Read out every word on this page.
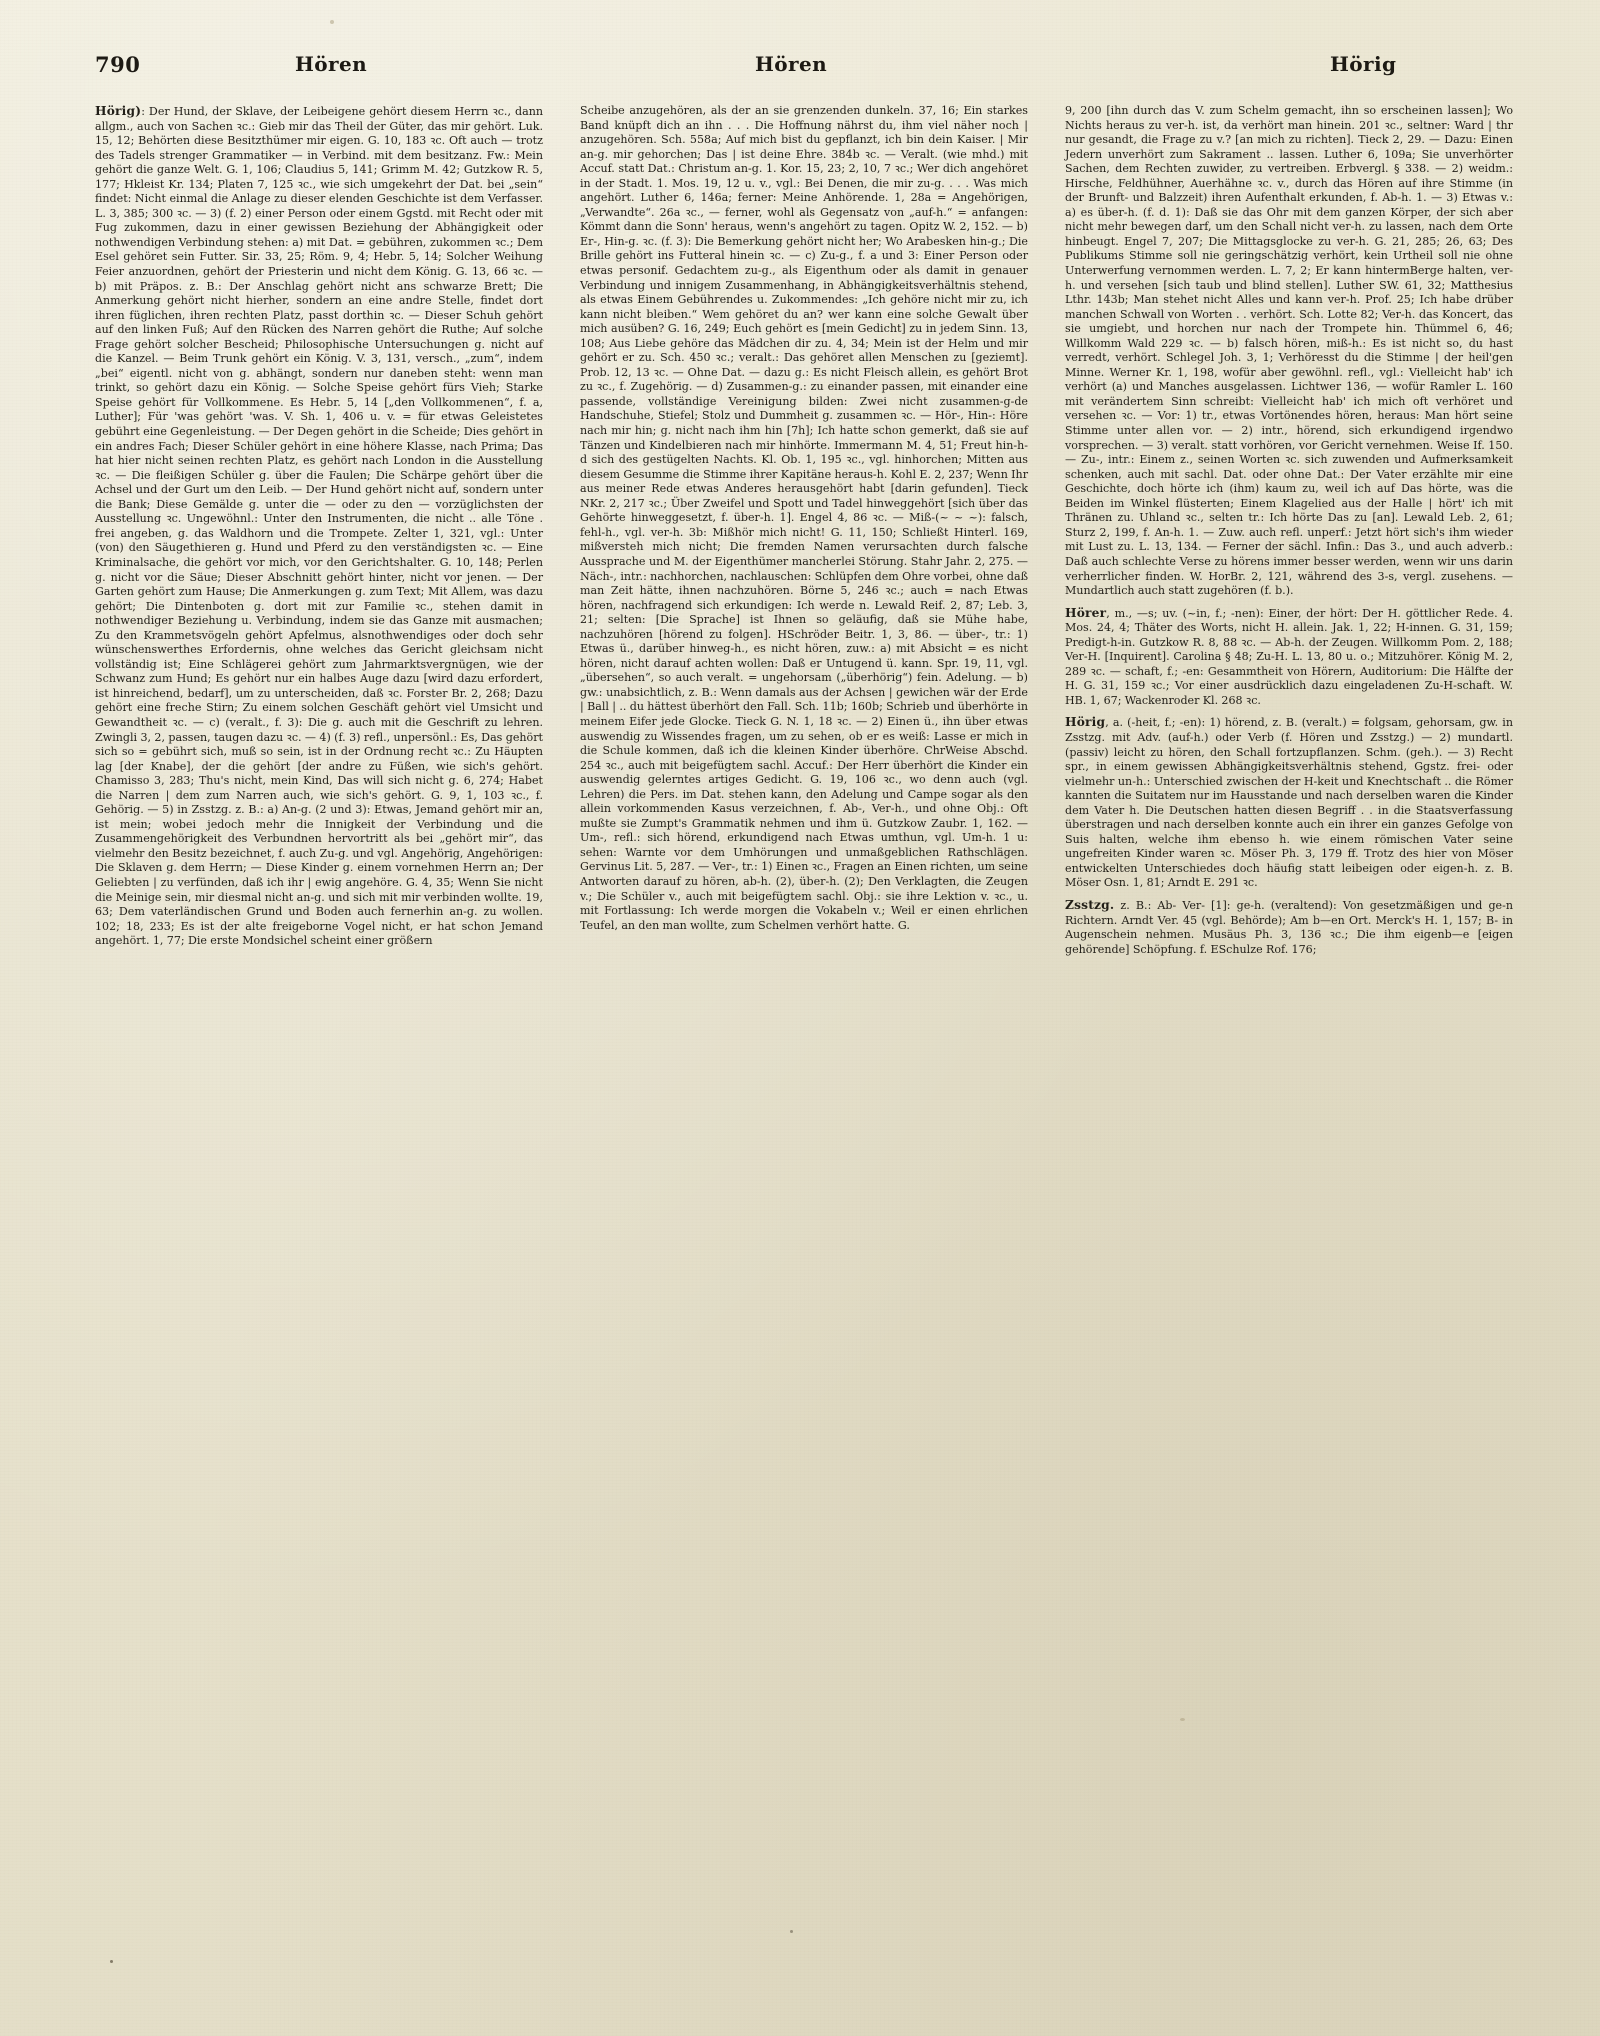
790	Hören	Hören	Hörig

Hörig): Der Hund, der Sklave, der Leibeigene gehört diesem Herrn ꝛc., dann allgm., auch von Sachen ꝛc.: Gieb mir das Theil der Güter, das mir gehört. Luk. 15, 12; Behörten diese Besitzthümer mir eigen. G. 10, 183 ꝛc. Oft auch — trotz des Tadels strenger Grammatiker — in Verbind. mit dem besitzanz. Fw.: Mein gehört die ganze Welt. G. 1, 106; Claudius 5, 141; Grimm M. 42; Gutzkow R. 5, 177; Hkleist Kr. 134; Platen 7, 125 ꝛc., wie sich umgekehrt der Dat. bei „sein“ findet: Nicht einmal die Anlage zu dieser elenden Geschichte ist dem Verfasser. L. 3, 385; 300 ꝛc. — 3) (f. 2) einer Person oder einem Ggstd. mit Recht oder mit Fug zukommen, dazu in einer gewissen Beziehung der Abhängigkeit oder nothwendigen Verbindung stehen: a) mit Dat. = gebühren, zukommen ꝛc.; Dem Esel gehöret sein Futter. Sir. 33, 25; Röm. 9, 4; Hebr. 5, 14; Solcher Weihung Feier anzuordnen, gehört der Priesterin und nicht dem König. G. 13, 66 ꝛc. — b) mit Präpos. z. B.: Der Anschlag gehört nicht ans schwarze Brett; Die Anmerkung gehört nicht hierher, sondern an eine andre Stelle, findet dort ihren füglichen, ihren rechten Platz, passt dorthin ꝛc. — Dieser Schuh gehört auf den linken Fuß; Auf den Rücken des Narren gehört die Ruthe; Auf solche Frage gehört solcher Bescheid; Philosophische Untersuchungen g. nicht auf die Kanzel. — Beim Trunk gehört ein König. V. 3, 131, versch., „zum“, indem „bei“ eigentl. nicht von g. abhängt, sondern nur daneben steht: wenn man trinkt, so gehört dazu ein König. — Solche Speise gehört fürs Vieh; Starke Speise gehört für Vollkommene. Es Hebr. 5, 14 [„den Vollkommenen“, f. a, Luther]; Für 'was gehört 'was. V. Sh. 1, 406 u. v. = für etwas Geleistetes gebührt eine Gegenleistung. — Der Degen gehört in die Scheide; Dies gehört in ein andres Fach; Dieser Schüler gehört in eine höhere Klasse, nach Prima; Das hat hier nicht seinen rechten Platz, es gehört nach London in die Ausstellung ꝛc. — Die fleißigen Schüler g. über die Faulen; Die Schärpe gehört über die Achsel und der Gurt um den Leib. — Der Hund gehört nicht auf, sondern unter die Bank; Diese Gemälde g. unter die — oder zu den — vorzüglichsten der Ausstellung ꝛc. Ungewöhnl.: Unter den Instrumenten, die nicht .. alle Töne . frei angeben, g. das Waldhorn und die Trompete. Zelter 1, 321, vgl.: Unter (von) den Säugethieren g. Hund und Pferd zu den verständigsten ꝛc. — Eine Kriminalsache, die gehört vor mich, vor den Gerichtshalter. G. 10, 148; Perlen g. nicht vor die Säue; Dieser Abschnitt gehört hinter, nicht vor jenen. — Der Garten gehört zum Hause; Die Anmerkungen g. zum Text; Mit Allem, was dazu gehört; Die Dintenboten g. dort mit zur Familie ꝛc., stehen damit in nothwendiger Beziehung u. Verbindung, indem sie das Ganze mit ausmachen; Zu den Krammetsvögeln gehört Apfelmus, alsnothwendiges oder doch sehr wünschenswerthes Erfordernis, ohne welches das Gericht gleichsam nicht vollständig ist; Eine Schlägerei gehört zum Jahrmarktsvergnügen, wie der Schwanz zum Hund; Es gehört nur ein halbes Auge dazu [wird dazu erfordert, ist hinreichend, bedarf], um zu unterscheiden, daß ꝛc. Forster Br. 2, 268; Dazu gehört eine freche Stirn; Zu einem solchen Geschäft gehört viel Umsicht und Gewandtheit ꝛc. — c) (veralt., f. 3): Die g. auch mit die Geschrift zu lehren. Zwingli 3, 2, passen, taugen dazu ꝛc. — 4) (f. 3) refl., unpersönl.: Es, Das gehört sich so = gebührt sich, muß so sein, ist in der Ordnung recht ꝛc.: Zu Häupten lag [der Knabe], der die gehört [der andre zu Füßen, wie sich's gehört. Chamisso 3, 283; Thu's nicht, mein Kind, Das will sich nicht g. 6, 274; Habet die Narren | dem zum Narren auch, wie sich's gehört. G. 9, 1, 103 ꝛc., f. Gehörig. — 5) in Zsstzg. z. B.: a) An-g. (2 und 3): Etwas, Jemand gehört mir an, ist mein; wobei jedoch mehr die Innigkeit der Verbindung und die Zusammengehörigkeit des Verbundnen hervortritt als bei „gehört mir“, das vielmehr den Besitz bezeichnet, f. auch Zu-g. und vgl. Angehörig, Angehörigen: Die Sklaven g. dem Herrn; — Diese Kinder g. einem vornehmen Herrn an; Der Geliebten | zu verfünden, daß ich ihr | ewig angehöre. G. 4, 35; Wenn Sie nicht die Meinige sein, mir diesmal nicht an-g. und sich mit mir verbinden wollte. 19, 63; Dem vaterländischen Grund und Boden auch fernerhin an-g. zu wollen. 102; 18, 233; Es ist der alte freigeborne Vogel nicht, er hat schon Jemand angehört. 1, 77; Die erste Mondsichel scheint einer größern

Scheibe anzugehören, als der an sie grenzenden dunkeln. 37, 16; Ein starkes Band knüpft dich an ihn . . . Die Hoffnung nährst du, ihm viel näher noch | anzugehören. Sch. 558a; Auf mich bist du gepflanzt, ich bin dein Kaiser. | Mir an-g. mir gehorchen; Das | ist deine Ehre. 384b ꝛc. — Veralt. (wie mhd.) mit Accuf. statt Dat.: Christum an-g. 1. Kor. 15, 23; 2, 10, 7 ꝛc.; Wer dich angehöret in der Stadt. 1. Mos. 19, 12 u. v., vgl.: Bei Denen, die mir zu-g. . . . Was mich angehört. Luther 6, 146a; ferner: Meine Anhörende. 1, 28a = Angehörigen, „Verwandte“. 26a ꝛc., — ferner, wohl als Gegensatz von „auf-h.“ = anfangen: Kömmt dann die Sonn' heraus, wenn's angehört zu tagen. Opitz W. 2, 152. — b) Er-, Hin-g. ꝛc. (f. 3): Die Bemerkung gehört nicht her; Wo Arabesken hin-g.; Die Brille gehört ins Futteral hinein ꝛc. — c) Zu-g., f. a und 3: Einer Person oder etwas personif. Gedachtem zu-g., als Eigenthum oder als damit in genauer Verbindung und innigem Zusammenhang, in Abhängigkeitsverhältnis stehend, als etwas Einem Gebührendes u. Zukommendes: „Ich gehöre nicht mir zu, ich kann nicht bleiben.“ Wem gehöret du an? wer kann eine solche Gewalt über mich ausüben? G. 16, 249; Euch gehört es [mein Gedicht] zu in jedem Sinn. 13, 108; Aus Liebe gehöre das Mädchen dir zu. 4, 34; Mein ist der Helm und mir gehört er zu. Sch. 450 ꝛc.; veralt.: Das gehöret allen Menschen zu [geziemt]. Prob. 12, 13 ꝛc. — Ohne Dat. — dazu g.: Es nicht Fleisch allein, es gehört Brot zu ꝛc., f. Zugehörig. — d) Zusammen-g.: zu einander passen, mit einander eine passende, vollständige Vereinigung bilden: Zwei nicht zusammen-g-de Handschuhe, Stiefel; Stolz und Dummheit g. zusammen ꝛc. — Hör-, Hin-: Höre nach mir hin; g. nicht nach ihm hin [7h]; Ich hatte schon gemerkt, daß sie auf Tänzen und Kindelbieren nach mir hinhörte. Immermann M. 4, 51; Freut hin-h-d sich des gestügelten Nachts. Kl. Ob. 1, 195 ꝛc., vgl. hinhorchen; Mitten aus diesem Gesumme die Stimme ihrer Kapitäne heraus-h. Kohl E. 2, 237; Wenn Ihr aus meiner Rede etwas Anderes herausgehört habt [darin gefunden]. Tieck NKr. 2, 217 ꝛc.; Über Zweifel und Spott und Tadel hinweggehört [sich über das Gehörte hinweggesetzt, f. über-h. 1]. Engel 4, 86 ꝛc. — Miß-(~ ~ ~): falsch, fehl-h., vgl. ver-h. 3b: Mißhör mich nicht! G. 11, 150; Schließt Hinterl. 169, mißversteh mich nicht; Die fremden Namen verursachten durch falsche Aussprache und M. der Eigenthümer mancherlei Störung. Stahr Jahr. 2, 275. — Näch-, intr.: nachhorchen, nachlauschen: Schlüpfen dem Ohre vorbei, ohne daß man Zeit hätte, ihnen nachzuhören. Börne 5, 246 ꝛc.; auch = nach Etwas hören, nachfragend sich erkundigen: Ich werde n. Lewald Reif. 2, 87; Leb. 3, 21; selten: [Die Sprache] ist Ihnen so geläufig, daß sie Mühe habe, nachzuhören [hörend zu folgen]. HSchröder Beitr. 1, 3, 86. — über-, tr.: 1) Etwas ü., darüber hinweg-h., es nicht hören, zuw.: a) mit Absicht = es nicht hören, nicht darauf achten wollen: Daß er Untugend ü. kann. Spr. 19, 11, vgl. „übersehen“, so auch veralt. = ungehorsam („überhörig“) fein. Adelung. — b) gw.: unabsichtlich, z. B.: Wenn damals aus der Achsen | gewichen wär der Erde | Ball | .. du hättest überhört den Fall. Sch. 11b; 160b; Schrieb und überhörte in meinem Eifer jede Glocke. Tieck G. N. 1, 18 ꝛc. — 2) Einen ü., ihn über etwas auswendig zu Wissendes fragen, um zu sehen, ob er es weiß: Lasse er mich in die Schule kommen, daß ich die kleinen Kinder überhöre. ChrWeise Abschd. 254 ꝛc., auch mit beigefügtem sachl. Accuf.: Der Herr überhört die Kinder ein auswendig gelerntes artiges Gedicht. G. 19, 106 ꝛc., wo denn auch (vgl. Lehren) die Pers. im Dat. stehen kann, den Adelung und Campe sogar als den allein vorkommenden Kasus verzeichnen, f. Ab-, Ver-h., und ohne Obj.: Oft mußte sie Zumpt's Grammatik nehmen und ihm ü. Gutzkow Zaubr. 1, 162. — Um-, refl.: sich hörend, erkundigend nach Etwas umthun, vgl. Um-h. 1 u: sehen: Warnte vor dem Umhörungen und unmaßgeblichen Rathschlägen. Gervinus Lit. 5, 287. — Ver-, tr.: 1) Einen ꝛc., Fragen an Einen richten, um seine Antworten darauf zu hören, ab-h. (2), über-h. (2); Den Verklagten, die Zeugen v.; Die Schüler v., auch mit beigefügtem sachl. Obj.: sie ihre Lektion v. ꝛc., u. mit Fortlassung: Ich werde morgen die Vokabeln v.; Weil er einen ehrlichen Teufel, an den man wollte, zum Schelmen verhört hatte. G.

9, 200 [ihn durch das V. zum Schelm gemacht, ihn so erscheinen lassen]; Wo Nichts heraus zu ver-h. ist, da verhört man hinein. 201 ꝛc., seltner: Ward | thr nur gesandt, die Frage zu v.? [an mich zu richten]. Tieck 2, 29. — Dazu: Einen Jedern unverhört zum Sakrament .. lassen. Luther 6, 109a; Sie unverhörter Sachen, dem Rechten zuwider, zu vertreiben. Erbvergl. § 338. — 2) weidm.: Hirsche, Feldhühner, Auerhähne ꝛc. v., durch das Hören auf ihre Stimme (in der Brunft- und Balzzeit) ihren Aufenthalt erkunden, f. Ab-h. 1. — 3) Etwas v.: a) es über-h. (f. d. 1): Daß sie das Ohr mit dem ganzen Körper, der sich aber nicht mehr bewegen darf, um den Schall nicht ver-h. zu lassen, nach dem Orte hinbeugt. Engel 7, 207; Die Mittagsglocke zu ver-h. G. 21, 285; 26, 63; Des Publikums Stimme soll nie geringschätzig verhört, kein Urtheil soll nie ohne Unterwerfung vernommen werden. L. 7, 2; Er kann hintermBerge halten, ver-h. und versehen [sich taub und blind stellen]. Luther SW. 61, 32; Matthesius Lthr. 143b; Man stehet nicht Alles und kann ver-h. Prof. 25; Ich habe drüber manchen Schwall von Worten . . verhört. Sch. Lotte 82; Ver-h. das Koncert, das sie umgiebt, und horchen nur nach der Trompete hin. Thümmel 6, 46; Willkomm Wald 229 ꝛc. — b) falsch hören, miß-h.: Es ist nicht so, du hast verredt, verhört. Schlegel Joh. 3, 1; Verhöresst du die Stimme | der heil'gen Minne. Werner Kr. 1, 198, wofür aber gewöhnl. refl., vgl.: Vielleicht hab' ich verhört (a) und Manches ausgelassen. Lichtwer 136, — wofür Ramler L. 160 mit verändertem Sinn schreibt: Vielleicht hab' ich mich oft verhöret und versehen ꝛc. — Vor: 1) tr., etwas Vortönendes hören, heraus: Man hört seine Stimme unter allen vor. — 2) intr., hörend, sich erkundigend irgendwo vorsprechen. — 3) veralt. statt vorhören, vor Gericht vernehmen. Weise If. 150. — Zu-, intr.: Einem z., seinen Worten ꝛc. sich zuwenden und Aufmerksamkeit schenken, auch mit sachl. Dat. oder ohne Dat.: Der Vater erzählte mir eine Geschichte, doch hörte ich (ihm) kaum zu, weil ich auf Das hörte, was die Beiden im Winkel flüsterten; Einem Klagelied aus der Halle | hört' ich mit Thränen zu. Uhland ꝛc., selten tr.: Ich hörte Das zu [an]. Lewald Leb. 2, 61; Sturz 2, 199, f. An-h. 1. — Zuw. auch refl. unperf.: Jetzt hört sich's ihm wieder mit Lust zu. L. 13, 134. — Ferner der sächl. Infin.: Das 3., und auch adverb.: Daß auch schlechte Verse zu hörens immer besser werden, wenn wir uns darin verherrlicher finden. W. HorBr. 2, 121, während des 3-s, vergl. zusehens. — Mundartlich auch statt zugehören (f. b.).

Hörer, m., —s; uv. (~in, f.; -nen): Einer, der hört: Der H. göttlicher Rede. 4. Mos. 24, 4; Thäter des Worts, nicht H. allein. Jak. 1, 22; H-innen. G. 31, 159; Predigt-h-in. Gutzkow R. 8, 88 ꝛc. — Ab-h. der Zeugen. Willkomm Pom. 2, 188; Ver-H. [Inquirent]. Carolina § 48; Zu-H. L. 13, 80 u. o.; Mitzuhörer. König M. 2, 289 ꝛc. — schaft, f.; -en: Gesammtheit von Hörern, Auditorium: Die Hälfte der H. G. 31, 159 ꝛc.; Vor einer ausdrücklich dazu eingeladenen Zu-H-schaft. W. HB. 1, 67; Wackenroder Kl. 268 ꝛc.

Hörig, a. (-heit, f.; -en): 1) hörend, z. B. (veralt.) = folgsam, gehorsam, gw. in Zsstzg. mit Adv. (auf-h.) oder Verb (f. Hören und Zsstzg.) — 2) mundartl. (passiv) leicht zu hören, den Schall fortzupflanzen. Schm. (geh.). — 3) Recht spr., in einem gewissen Abhängigkeitsverhältnis stehend, Ggstz. frei- oder vielmehr un-h.: Unterschied zwischen der H-keit und Knechtschaft .. die Römer kannten die Suitatem nur im Hausstande und nach derselben waren die Kinder dem Vater h. Die Deutschen hatten diesen Begriff . . in die Staatsverfassung überstragen und nach derselben konnte auch ein ihrer ein ganzes Gefolge von Suis halten, welche ihm ebenso h. wie einem römischen Vater seine ungefreiten Kinder waren ꝛc. Möser Ph. 3, 179 ff. Trotz des hier von Möser entwickelten Unterschiedes doch häufig statt leibeigen oder eigen-h. z. B. Möser Osn. 1, 81; Arndt E. 291 ꝛc.

Zsstzg. z. B.: Ab- Ver- [1]: ge-h. (veraltend): Von gesetzmäßigen und ge-n Richtern. Arndt Ver. 45 (vgl. Behörde); Am b—en Ort. Merck's H. 1, 157; B- in Augenschein nehmen. Musäus Ph. 3, 136 ꝛc.; Die ihm eigenb—e [eigen gehörende] Schöpfung. f. ESchulze Rof. 176;
